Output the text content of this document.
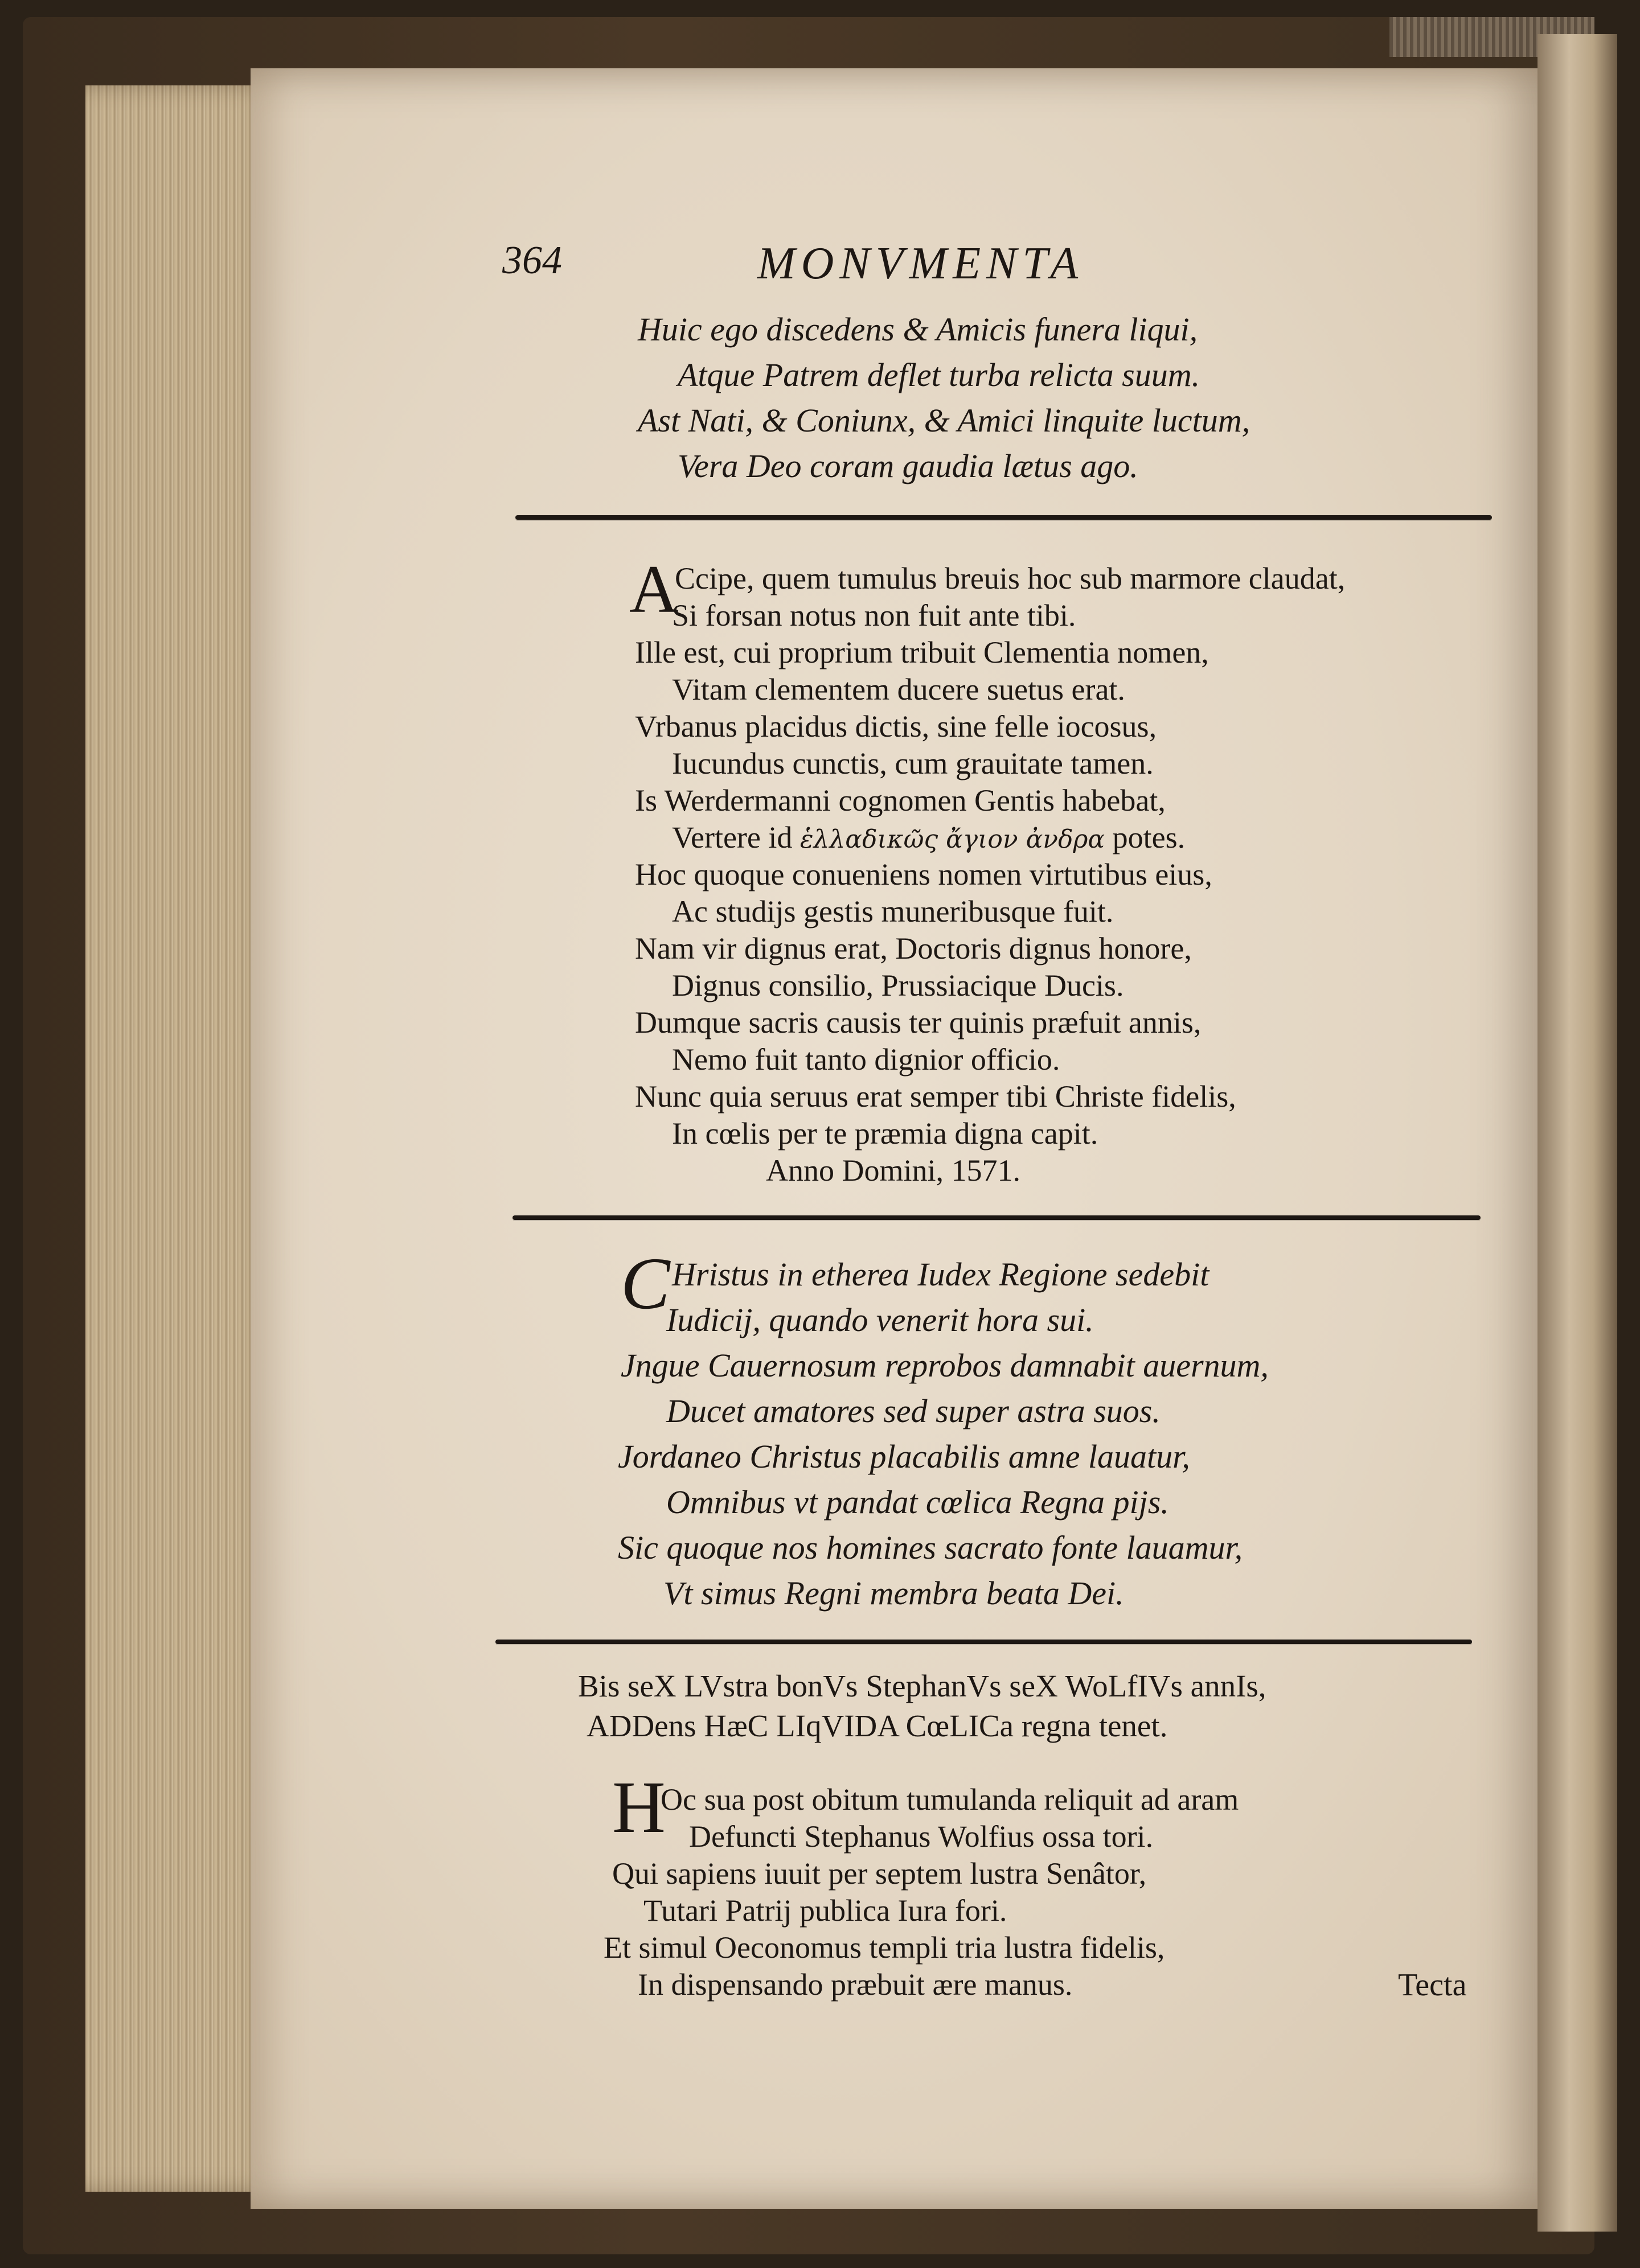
364	MONVMENTA
Huic ego discedens & Amicis funera liqui,
Atque Patrem deflet turba relicta suum.
Ast Nati, & Coniunx, & Amici linquite luctum,
Vera Deo coram gaudia lætus ago.
A
Ccipe, quem tumulus breuis hoc sub marmore claudat,
Si forsan notus non fuit ante tibi.
Ille est, cui proprium tribuit Clementia nomen,
Vitam clementem ducere suetus erat.
Vrbanus placidus dictis, sine felle iocosus,
Iucundus cunctis, cum grauitate tamen.
Is Werdermanni cognomen Gentis habebat,
Vertere id ἑλλαδικῶς ἄγιον ἀνδρα potes.
Hoc quoque conueniens nomen virtutibus eius,
Ac studijs gestis muneribusque fuit.
Nam vir dignus erat, Doctoris dignus honore,
Dignus consilio, Prussiacique Ducis.
Dumque sacris causis ter quinis præfuit annis,
Nemo fuit tanto dignior officio.
Nunc quia seruus erat semper tibi Christe fidelis,
In cœlis per te præmia digna capit.
Anno Domini, 1571.
C Hristus in etherea Iudex Regione sedebit
Iudicij, quando venerit hora sui.
Jngue Cauernosum reprobos damnabit auernum,
Ducet amatores sed super astra suos.
Jordaneo Christus placabilis amne lauatur,
Omnibus vt pandat cœlica Regna pijs.
Sic quoque nos homines sacrato fonte lauamur,
Vt simus Regni membra beata Dei.
Bis seX LVstra bonVs StephanVs seX WoLfIVs annIs,
ADDens HæC LIqVIDA CœLICa regna tenet.
H
Oc sua post obitum tumulanda reliquit ad aram
Defuncti Stephanus Wolfius ossa tori.
Qui sapiens iuuit per septem lustra Senâtor,
Tutari Patrij publica Iura fori.
Et simul Oeconomus templi tria lustra fidelis,
In dispensando præbuit ære manus.	Tecta
